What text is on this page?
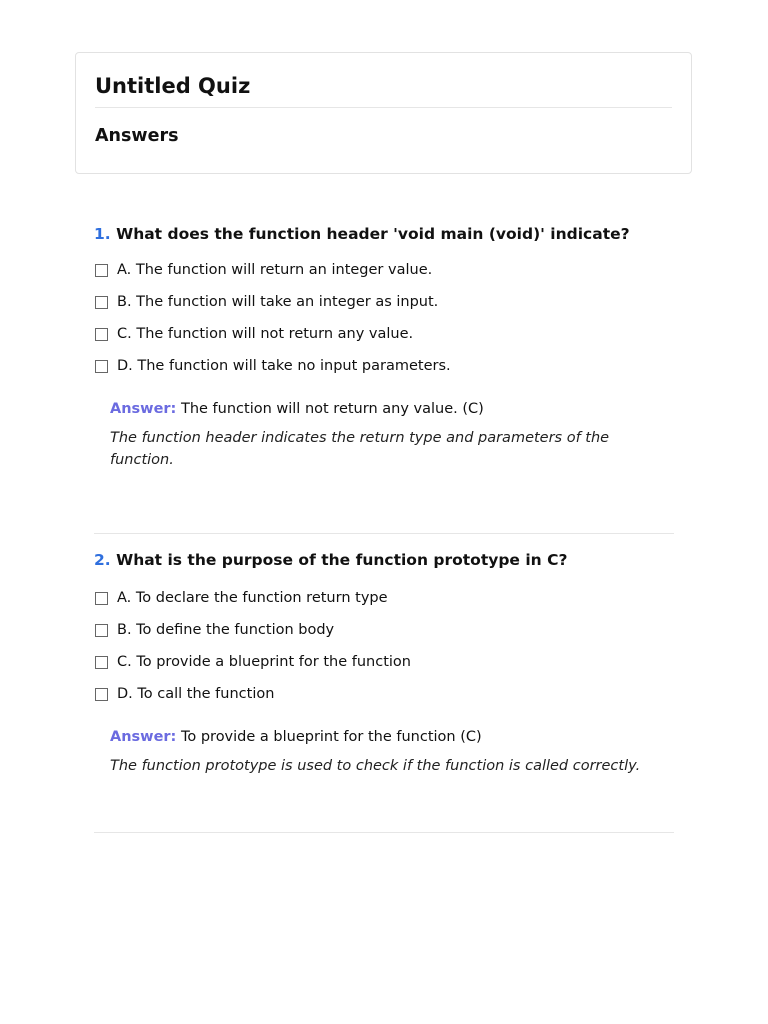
Untitled Quiz
Answers

1. What does the function header 'void main (void)' indicate?

A. The function will return an integer value.
B. The function will take an integer as input.
C. The function will not return any value.
D. The function will take no input parameters.

Answer: The function will not return any value. (C)

The function header indicates the return type and parameters of the function.

2. What is the purpose of the function prototype in C?

A. To declare the function return type
B. To define the function body
C. To provide a blueprint for the function
D. To call the function

Answer: To provide a blueprint for the function (C)

The function prototype is used to check if the function is called correctly.
